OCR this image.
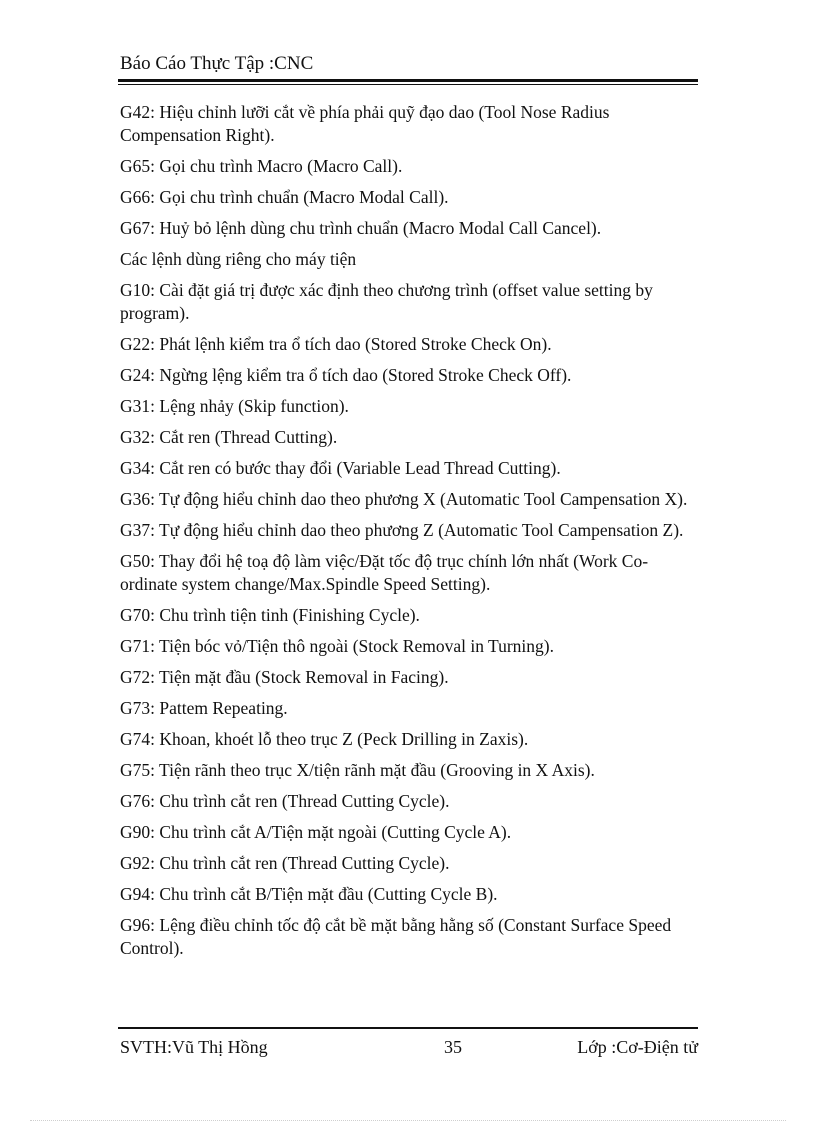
Báo Cáo Thực Tập :CNC

G42: Hiệu chỉnh lưỡi cắt về phía phải quỹ đạo dao (Tool Nose Radius Compensation Right).

G65: Gọi chu trình Macro (Macro Call).

G66: Gọi chu trình chuẩn (Macro Modal Call).

G67: Huỷ bỏ lệnh dùng chu trình chuẩn (Macro Modal Call Cancel).

Các lệnh dùng riêng cho máy tiện

G10: Cài đặt giá trị được xác định theo chương trình (offset value setting by program).

G22: Phát lệnh kiểm tra ổ tích dao (Stored Stroke Check On).

G24: Ngừng lệng kiểm tra ổ tích dao (Stored Stroke Check Off).

G31: Lệng nhảy (Skip function).

G32: Cắt ren (Thread Cutting).

G34: Cắt ren có bước thay đổi (Variable Lead Thread Cutting).

G36: Tự động hiểu chỉnh dao theo phương X (Automatic Tool Campensation X).

G37: Tự động hiểu chỉnh dao theo phương Z (Automatic Tool Campensation Z).

G50: Thay đổi hệ toạ độ làm việc/Đặt tốc độ trục chính lớn nhất (Work Co-ordinate system change/Max.Spindle Speed Setting).

G70: Chu trình tiện tinh (Finishing Cycle).

G71: Tiện bóc vỏ/Tiện thô ngoài (Stock Removal in Turning).

G72: Tiện mặt đầu (Stock Removal in Facing).

G73: Pattem Repeating.

G74: Khoan, khoét lỗ theo trục Z (Peck Drilling in Zaxis).

G75: Tiện rãnh theo trục X/tiện rãnh mặt đầu (Grooving in X Axis).

G76: Chu trình cắt ren (Thread Cutting Cycle).

G90: Chu trình cắt A/Tiện mặt ngoài (Cutting Cycle A).

G92: Chu trình cắt ren (Thread Cutting Cycle).

G94: Chu trình cắt B/Tiện mặt đầu (Cutting Cycle B).

G96: Lệng điều chỉnh tốc độ cắt bề mặt bằng hằng số (Constant Surface Speed Control).

SVTH:Vũ Thị Hồng	35	Lớp :Cơ-Điện tử
